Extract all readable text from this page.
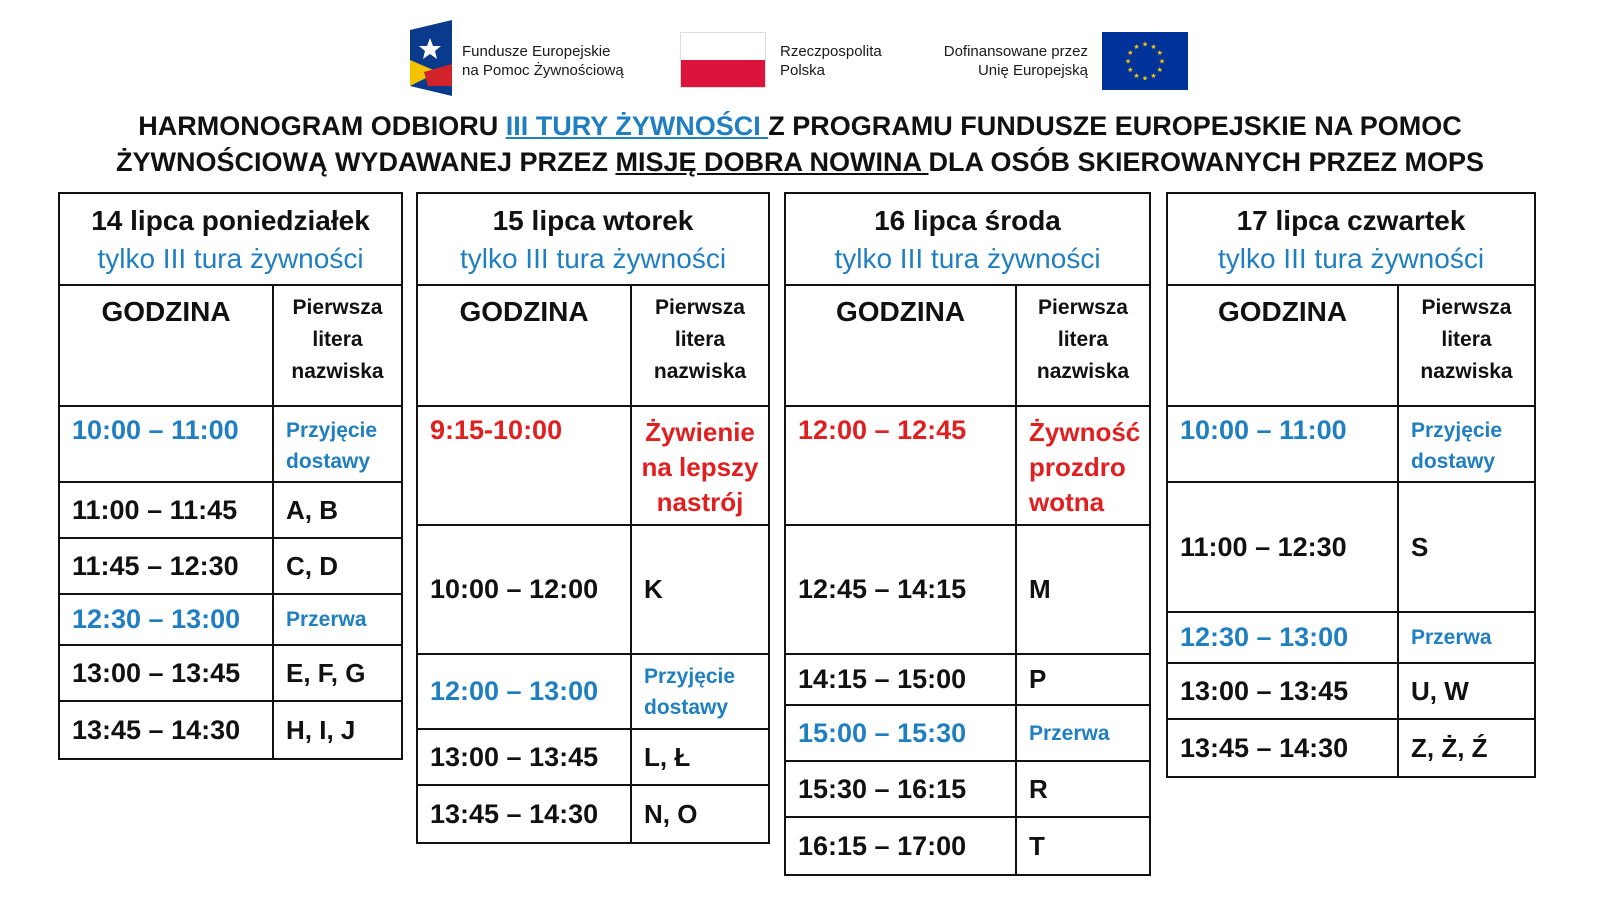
Fundusze Europejskie
na Pomoc Żywnościową
Rzeczpospolita
Polska
Dofinansowane przez
Unię Europejską
★ ★
★
★
★
★
★
★
★
★
★
★
HARMONOGRAM ODBIORU III TURY ŻYWNOŚCI Z PROGRAMU FUNDUSZE EUROPEJSKIE NA POMOC
ŻYWNOŚCIOWĄ WYDAWANEJ PRZEZ MISJĘ DOBRA NOWINA DLA OSÓB SKIEROWANYCH PRZEZ MOPS
14 lipca poniedziałek
tylko III tura żywności
GODZINA	Pierwsza
litera
nazwiska
10:00 – 11:00	Przyjęcie dostawy
11:00 – 11:45	A, B
11:45 – 12:30	C, D
12:30 – 13:00	Przerwa
13:00 – 13:45	E, F, G
13:45 – 14:30	H, I, J
15 lipca wtorek
tylko III tura żywności
GODZINA	Pierwsza
litera
nazwiska
9:15-10:00	Żywienie na lepszy nastrój
10:00 – 12:00	K
12:00 – 13:00	Przyjęcie dostawy
13:00 – 13:45	L, Ł
13:45 – 14:30	N, O
16 lipca środa
tylko III tura żywności
GODZINA	Pierwsza
litera
nazwiska
12:00 – 12:45	Żywność prozdro wotna
12:45 – 14:15	M
14:15 – 15:00	P
15:00 – 15:30	Przerwa
15:30 – 16:15	R
16:15 – 17:00	T
17 lipca czwartek
tylko III tura żywności
GODZINA	Pierwsza
litera
nazwiska
10:00 – 11:00	Przyjęcie dostawy
11:00 – 12:30	S
12:30 – 13:00	Przerwa
13:00 – 13:45	U, W
13:45 – 14:30	Z, Ż, Ź
